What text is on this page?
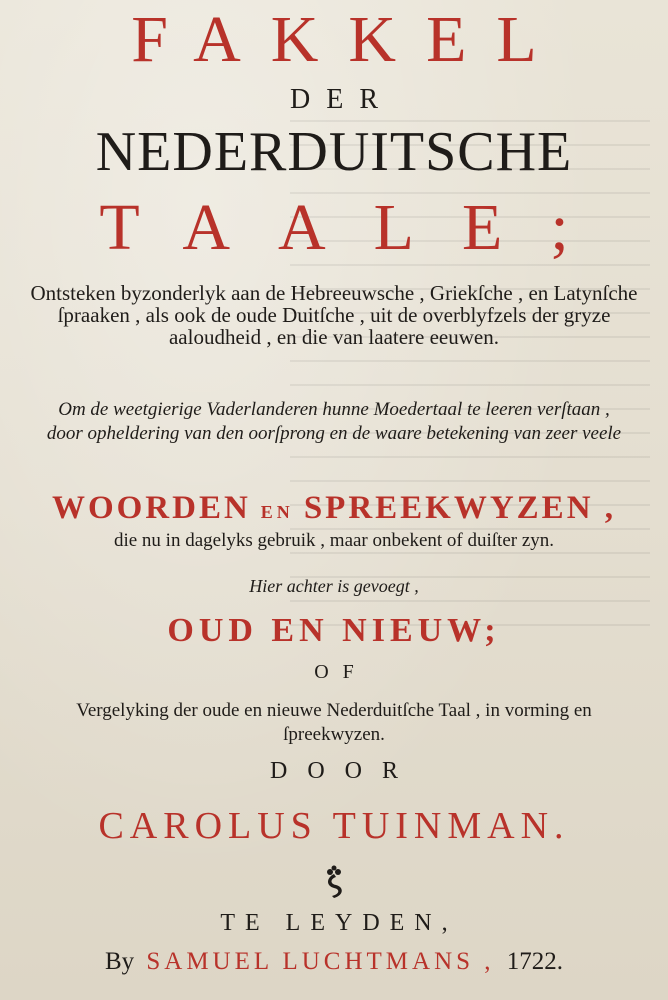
FAKKEL
DER
NEDERDUITSCHE
TAALE;
Ontsteken byzonderlyk aan de Hebreeuwsche , Griekſche , en Latynſche ſpraaken , als ook de oude Duitſche , uit de overblyfzels der gryze aaloudheid , en die van laatere eeuwen.
Om de weetgierige Vaderlanderen hunne Moedertaal te leeren verſtaan , door opheldering van den oorſprong en de waare betekening van zeer veele
WOORDEN EN SPREEKWYZEN ,
die nu in dagelyks gebruik , maar onbekent of duiſter zyn.
Hier achter is gevoegt ,
OUD EN NIEUW;
OF
Vergelyking der oude en nieuwe Nederduitſche Taal , in vorming en ſpreekwyzen.
DOOR
CAROLUS TUINMAN.
TE LEYDEN,
By SAMUEL LUCHTMANS , 1722.
